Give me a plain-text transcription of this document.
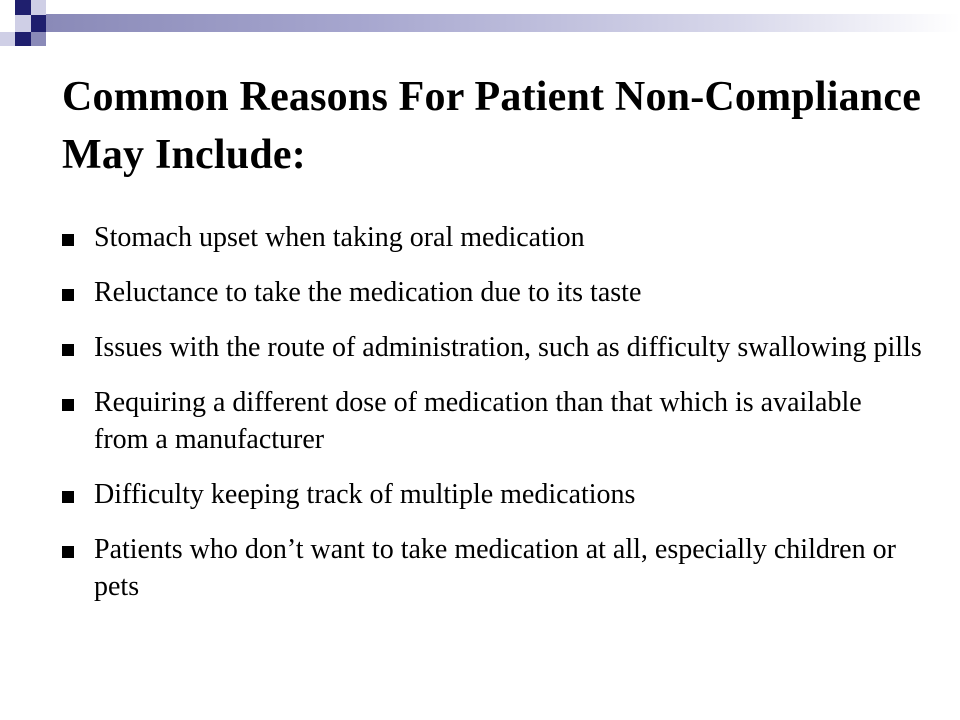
Common Reasons For Patient Non-Compliance May Include:
Stomach upset when taking oral medication
Reluctance to take the medication due to its taste
Issues with the route of administration, such as difficulty swallowing pills
Requiring a different dose of medication than that which is available from a manufacturer
Difficulty keeping track of multiple medications
Patients who don’t want to take medication at all, especially children or pets
